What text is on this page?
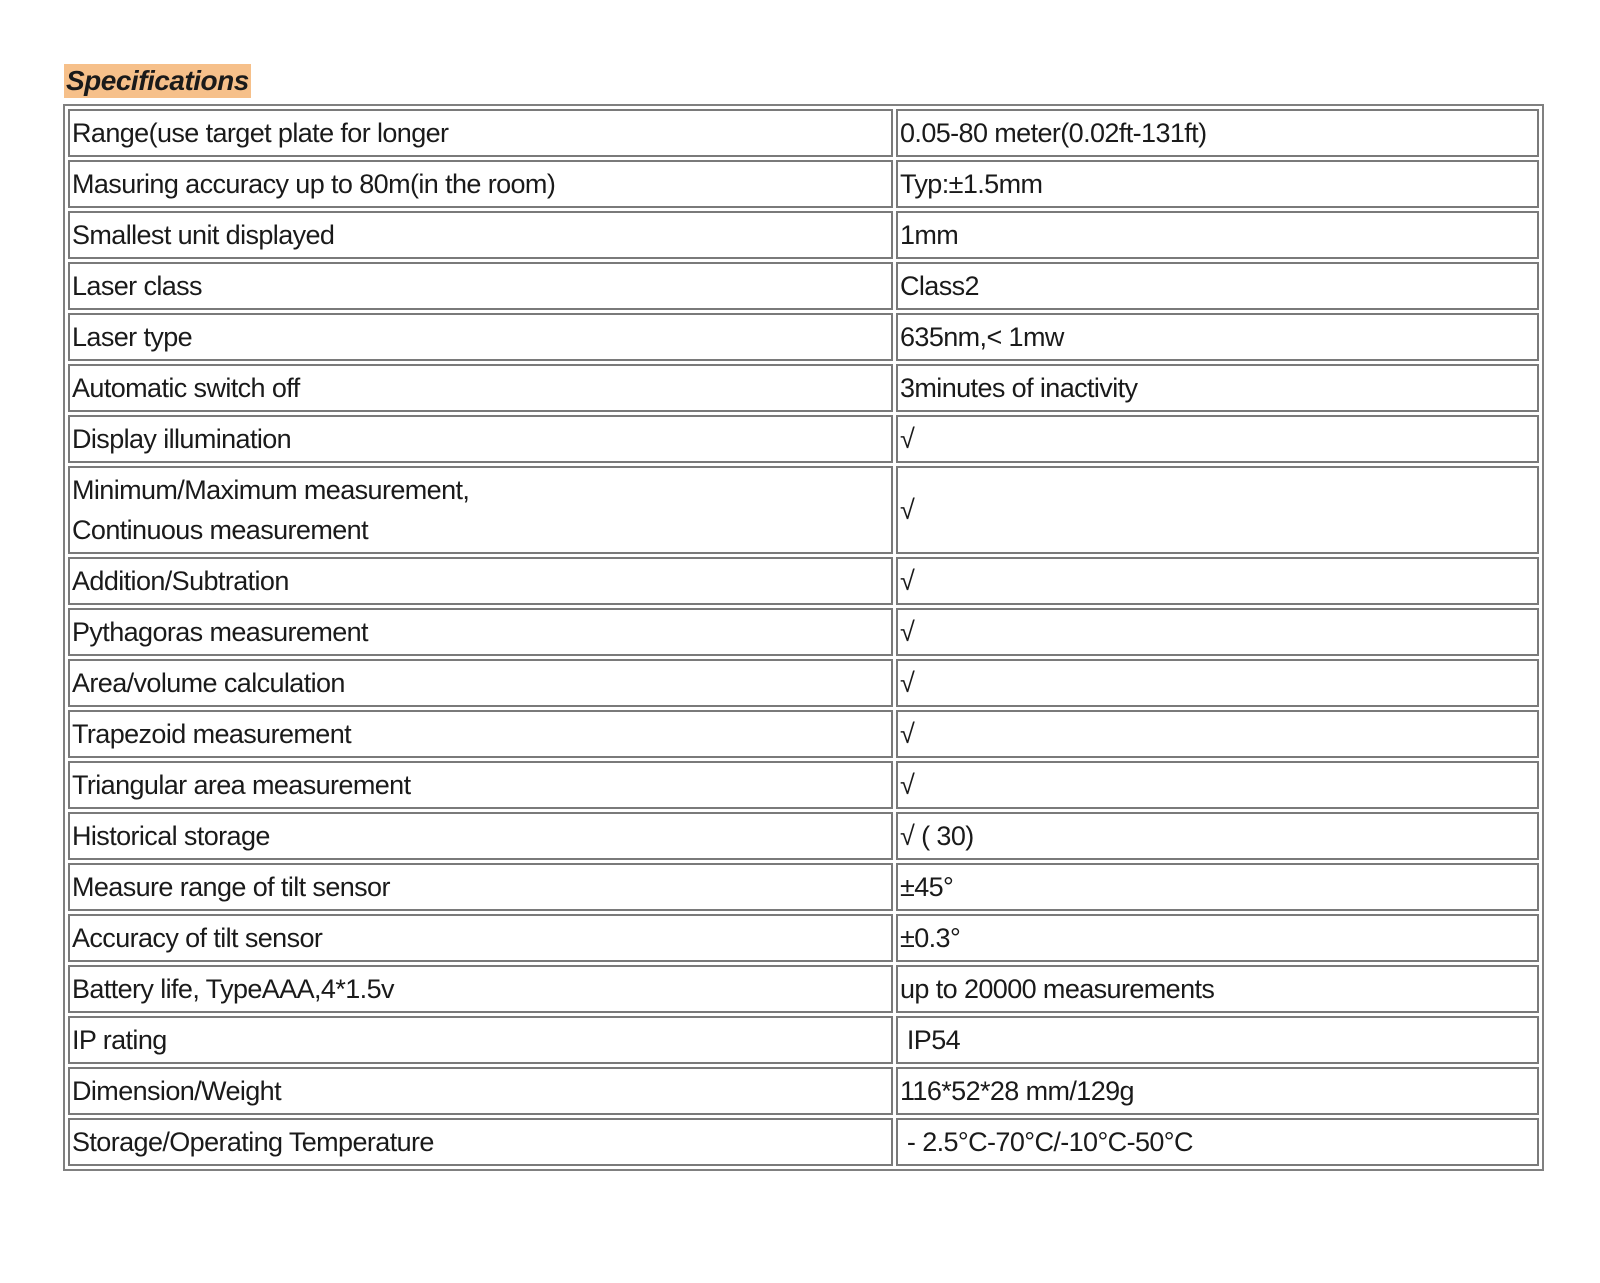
Specifications
Range(use target plate for longer	0.05-80 meter(0.02ft-131ft)
Masuring accuracy up to 80m(in the room)	Typ:±1.5mm
Smallest unit displayed	1mm
Laser class	Class2
Laser type	635nm,< 1mw
Automatic switch off	3minutes of inactivity
Display illumination	√

Minimum/Maximum measurement,
Continuous measurement	√
Addition/Subtration	√
Pythagoras measurement	√
Area/volume calculation	√
Trapezoid measurement	√
Triangular area measurement	√
Historical storage	√ ( 30)
Measure range of tilt sensor	±45°
Accuracy of tilt sensor	±0.3°
Battery life, TypeAAA,4*1.5v	up to 20000 measurements
IP rating	IP54
Dimension/Weight	116*52*28 mm/129g
Storage/Operating Temperature	- 2.5°C-70°C/-10°C-50°C
